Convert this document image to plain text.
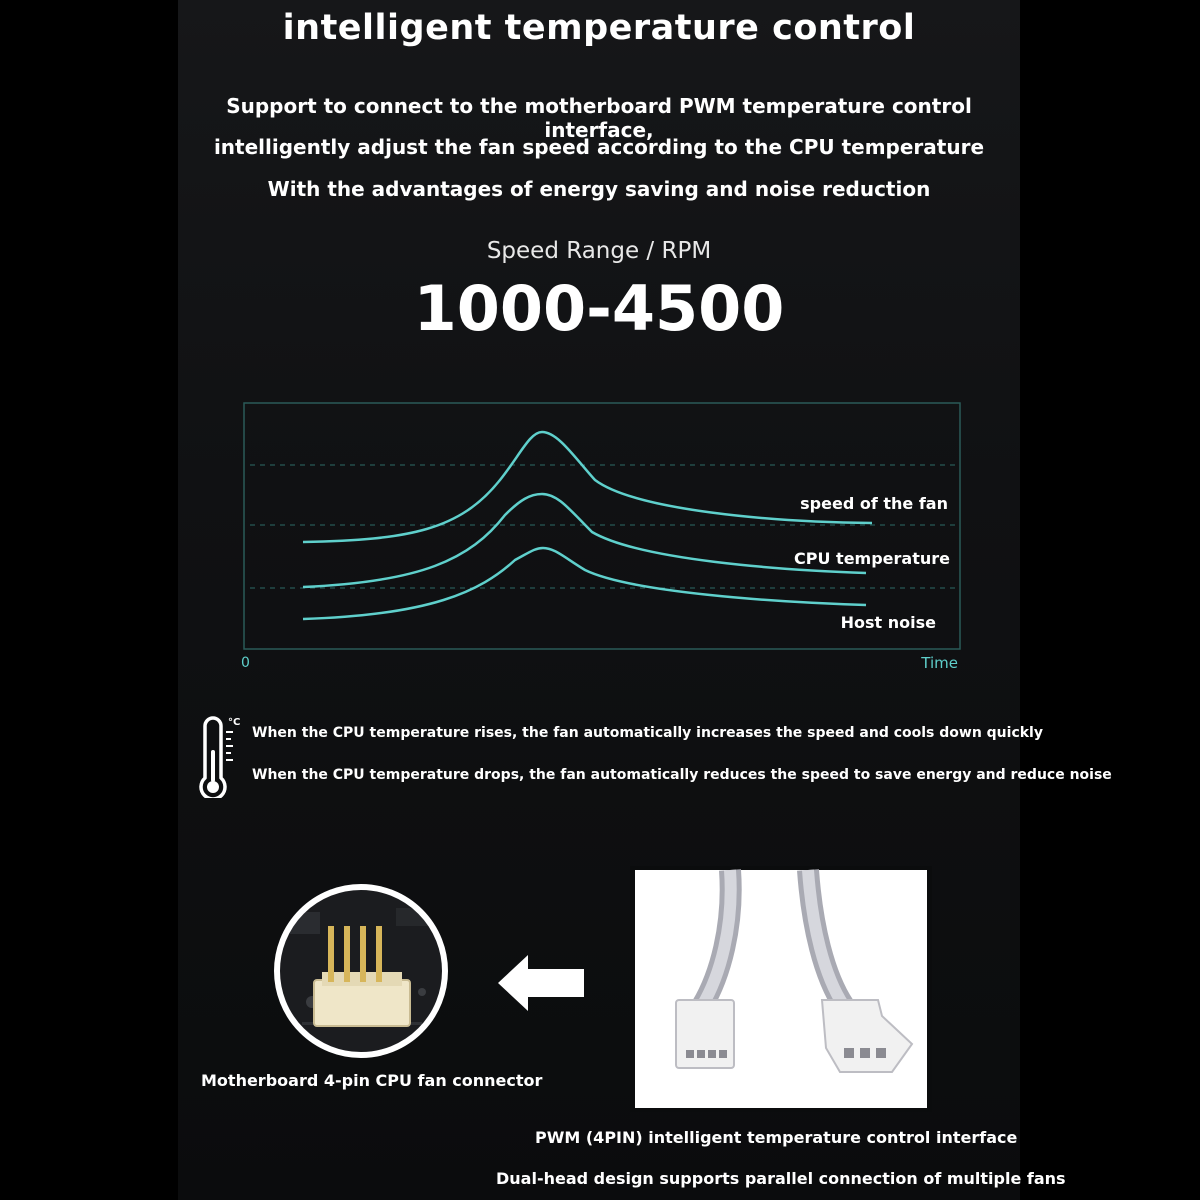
intelligent temperature control
Support to connect to the motherboard PWM temperature control interface,
intelligently adjust the fan speed according to the CPU temperature
With the advantages of energy saving and noise reduction
Speed Range / RPM
1000-4500
speed of the fan
CPU temperature
Host noise
0	Time
°C
When the CPU temperature rises, the fan automatically increases the speed and cools down quickly
When the CPU temperature drops, the fan automatically reduces the speed to save energy and reduce noise
Motherboard 4-pin CPU fan connector
PWM (4PIN) intelligent temperature control interface
Dual-head design supports parallel connection of multiple fans
